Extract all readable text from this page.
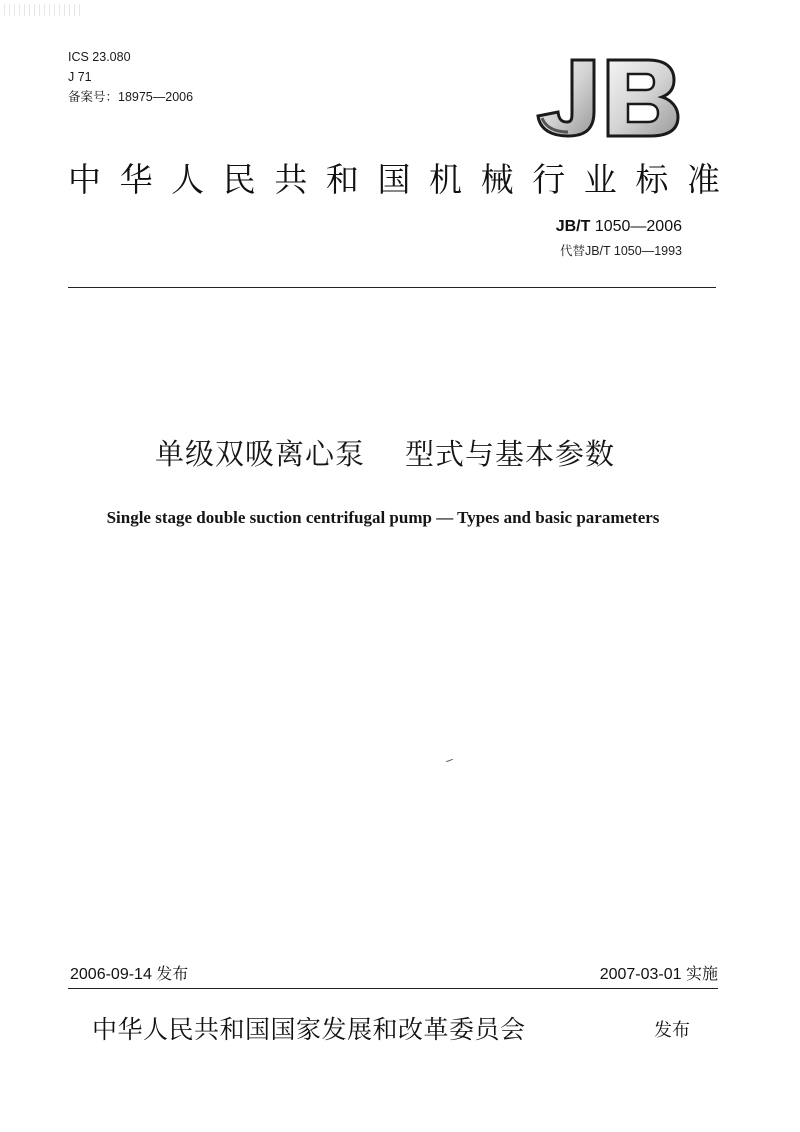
ICS 23.080
J 71
备案号：18975—2006
中 华 人 民 共 和 国 机 械 行 业 标 准
JB/T 1050—2006
代替JB/T 1050—1993
单级双吸离心泵 型式与基本参数
Single stage double suction centrifugal pump — Types and basic parameters
2006-09-14 发布	2007-03-01 实施
中华人民共和国国家发展和改革委员会	发布
